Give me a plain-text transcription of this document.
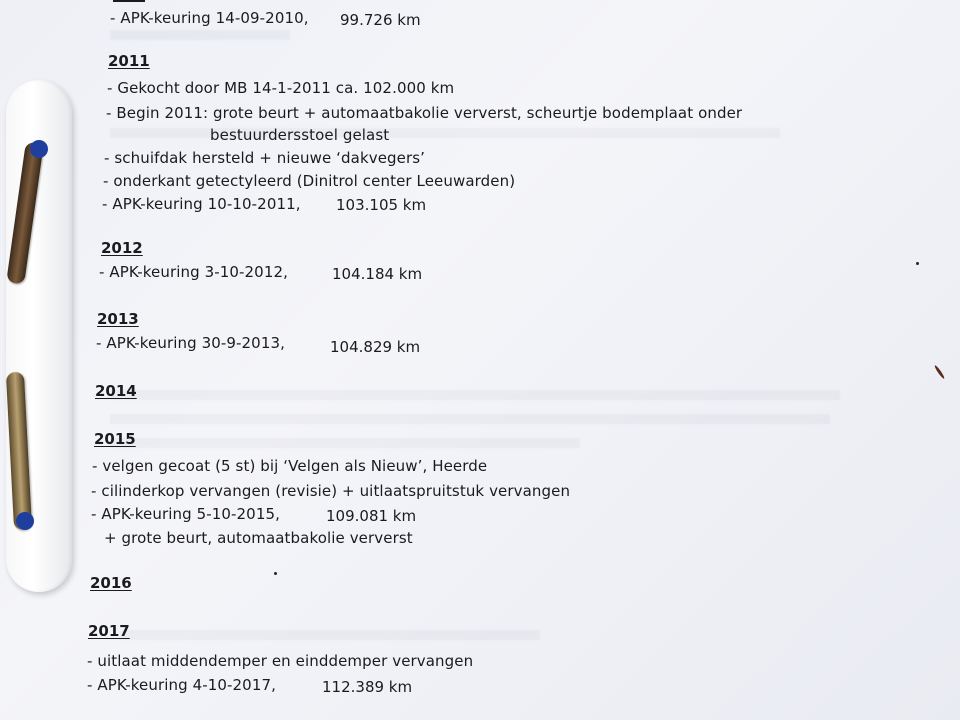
- APK-keuring 14-09-2010, 99.726 km
2011
- Gekocht door MB 14-1-2011 ca. 102.000 km
- Begin 2011: grote beurt + automaatbakolie ververst, scheurtje bodemplaat onder
bestuurdersstoel gelast
- schuifdak hersteld + nieuwe ‘dakvegers’
- onderkant getectyleerd (Dinitrol center Leeuwarden)
- APK-keuring 10-10-2011, 103.105 km
2012
- APK-keuring 3-10-2012,	104.184 km
2013
- APK-keuring 30-9-2013,	104.829 km
2014
2015
- velgen gecoat (5 st) bij ‘Velgen als Nieuw’, Heerde
- cilinderkop vervangen (revisie) + uitlaatspruitstuk vervangen
- APK-keuring 5-10-2015,	109.081 km
+ grote beurt, automaatbakolie ververst
2016
2017
- uitlaat middendemper en einddemper vervangen
- APK-keuring 4-10-2017,	112.389 km
